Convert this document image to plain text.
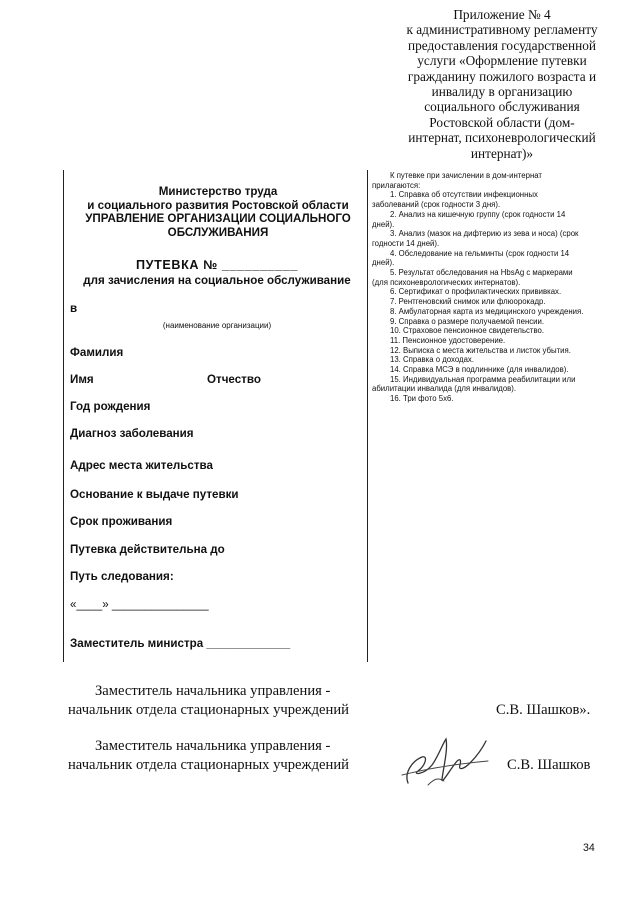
Приложение № 4
к административному регламенту
предоставления государственной
услуги «Оформление путевки
гражданину пожилого возраста и
инвалиду в организацию
социального обслуживания
Ростовской области (дом-
интернат, психоневрологический
интернат)»
Министерство труда
и социального развития Ростовской области
УПРАВЛЕНИЕ ОРГАНИЗАЦИИ СОЦИАЛЬНОГО
ОБСЛУЖИВАНИЯ
ПУТЕВКА № __________
для зачисления на социальное обслуживание
в
(наименование организации)
Фамилия
Имя	Отчество
Год рождения
Диагноз заболевания
Адрес места жительства
Основание к выдаче путевки
Срок проживания
Путевка действительна до
Путь следования:
«____» _______________
Заместитель министра _____________

К путевке при зачислении в дом-интернат прилагаются:

1. Справка об отсутствии инфекционных заболеваний (срок годности 3 дня).

2. Анализ на кишечную группу (срок годности 14 дней).

3. Анализ (мазок на дифтерию из зева и носа) (срок годности 14 дней).

4. Обследование на гельминты (срок годности 14 дней).

5. Результат обследования на HbsAg с маркерами (для психоневрологических интернатов).

6. Сертификат о профилактических прививках.

7. Рентгеновский снимок или флюорокадр.

8. Амбулаторная карта из медицинского учреждения.

9. Справка о размере получаемой пенсии.

10. Страховое пенсионное свидетельство.

11. Пенсионное удостоверение.

12. Выписка с места жительства и листок убытия.

13. Справка о доходах.

14. Справка МСЭ в подлиннике (для инвалидов).

15. Индивидуальная программа реабилитации или абилитации инвалида (для инвалидов).

16. Три фото 5х6.

Заместитель начальника управления -
начальник отдела стационарных учреждений	С.В. Шашков».
Заместитель начальника управления -
начальник отдела стационарных учреждений	С.В. Шашков
34
